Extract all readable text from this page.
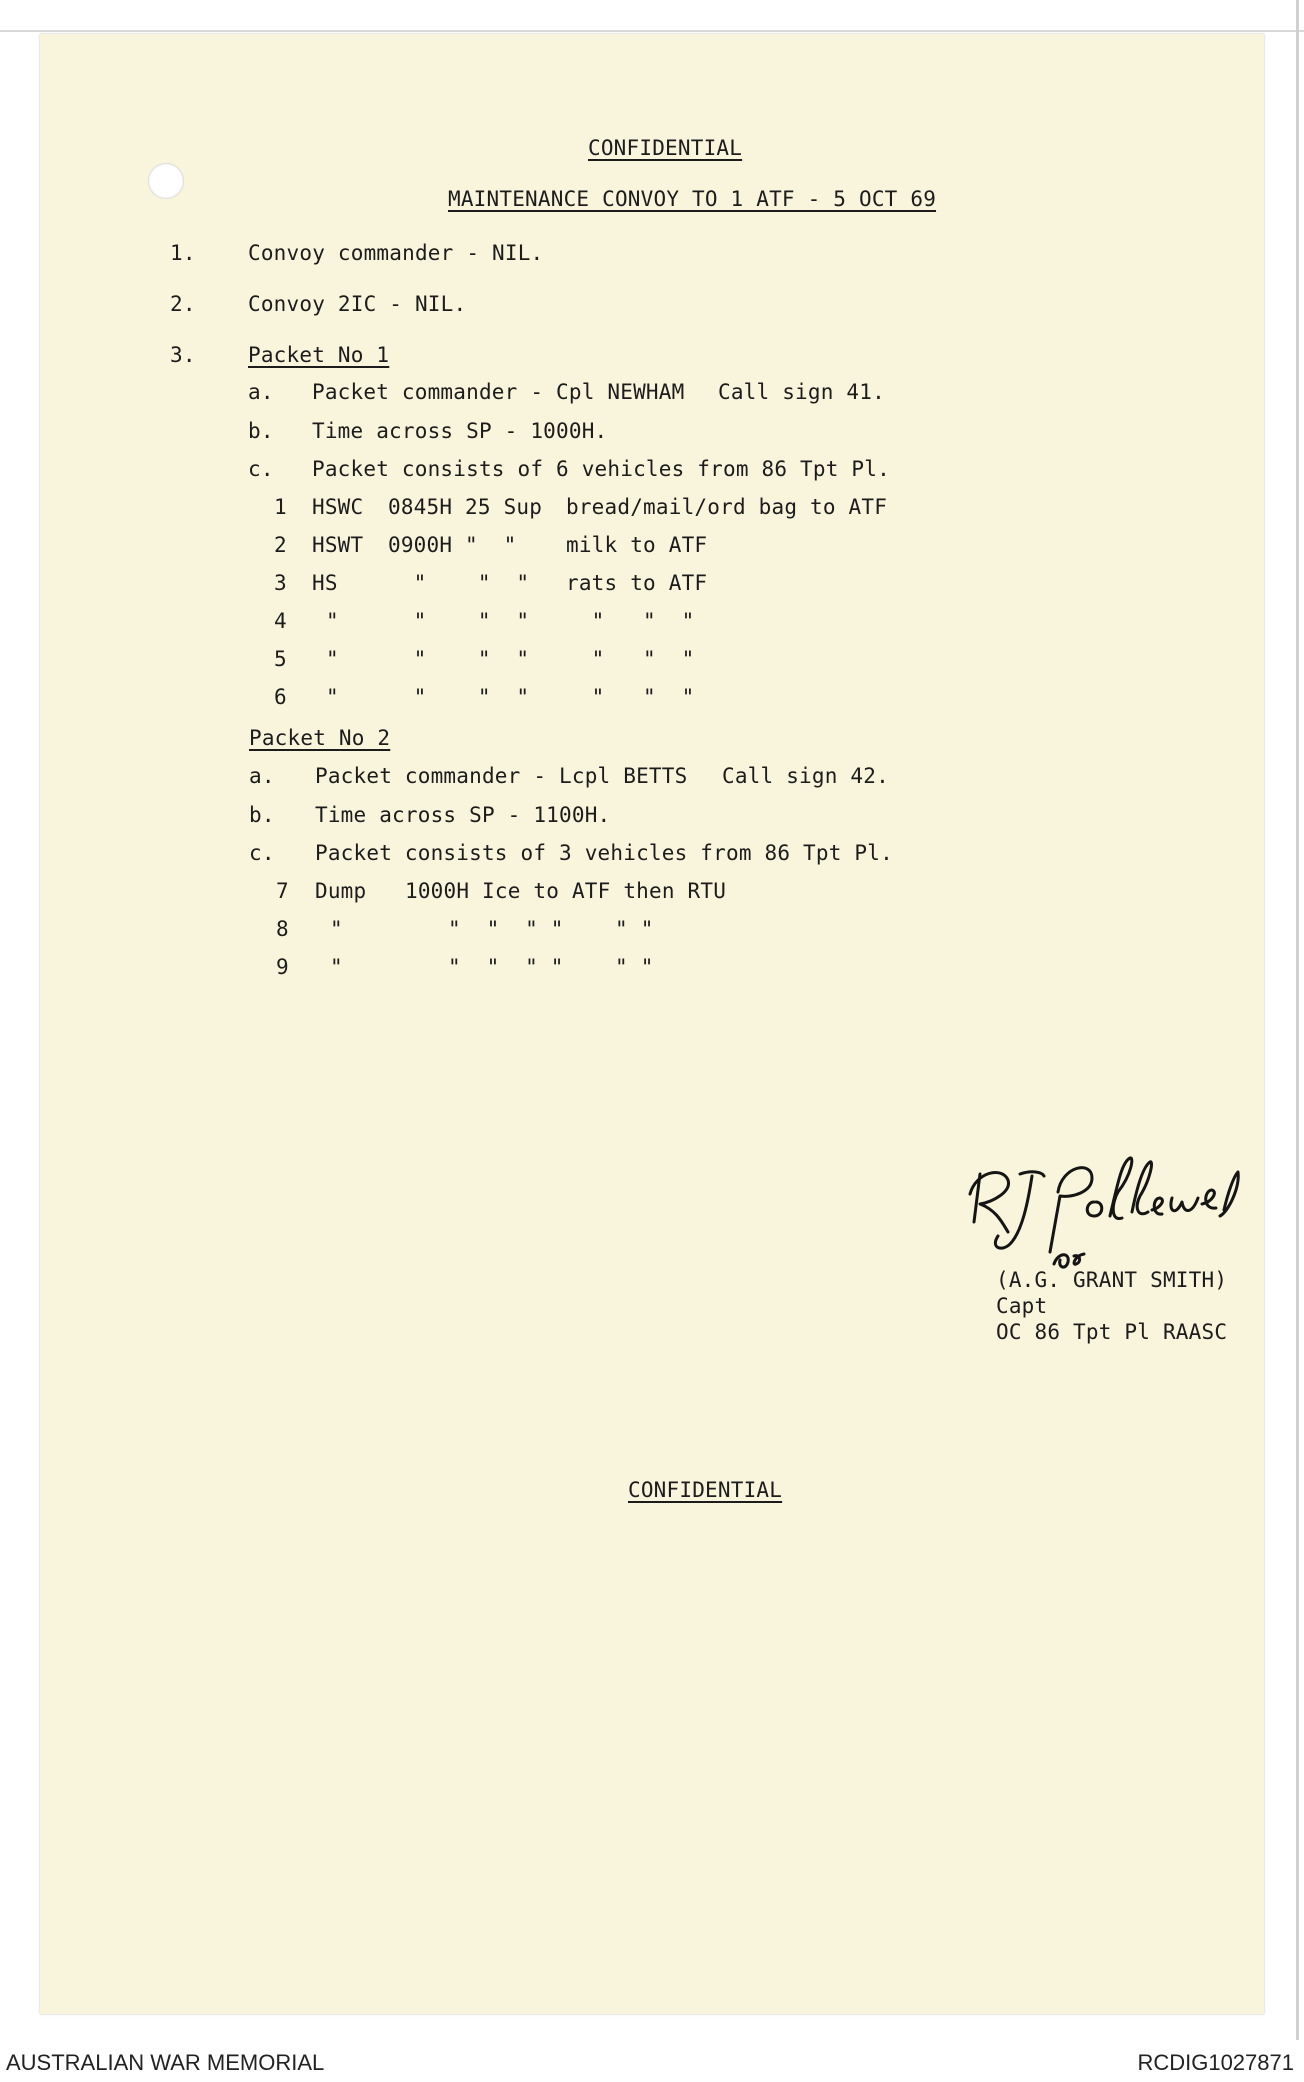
CONFIDENTIAL
MAINTENANCE CONVOY TO 1 ATF - 5 OCT 69
1. Convoy commander - NIL.
2. Convoy 2IC - NIL.
3. Packet No 1
a. Packet commander - Cpl NEWHAM Call sign 41.
b. Time across SP - 1000H.
c. Packet consists of 6 vehicles from 86 Tpt Pl.
1 HSWC 0845H 25 Sup bread/mail/ord bag to ATF
2 HSWT 0900H "  " milk to ATF
3 HS "    "  " rats to ATF
4 " "    "  " "   "  "
5 " "    "  " "   "  "
6 " "    "  " "   "  "
Packet No 2
a. Packet commander - Lcpl BETTS Call sign 42.
b. Time across SP - 1100H.
c. Packet consists of 3 vehicles from 86 Tpt Pl.
7 Dump 1000H Ice to ATF then RTU
8 " "  "  " "    " "
9 " "  "  " "    " "
(A.G. GRANT SMITH)
Capt
OC 86 Tpt Pl RAASC
CONFIDENTIAL
AUSTRALIAN WAR MEMORIAL	RCDIG1027871
